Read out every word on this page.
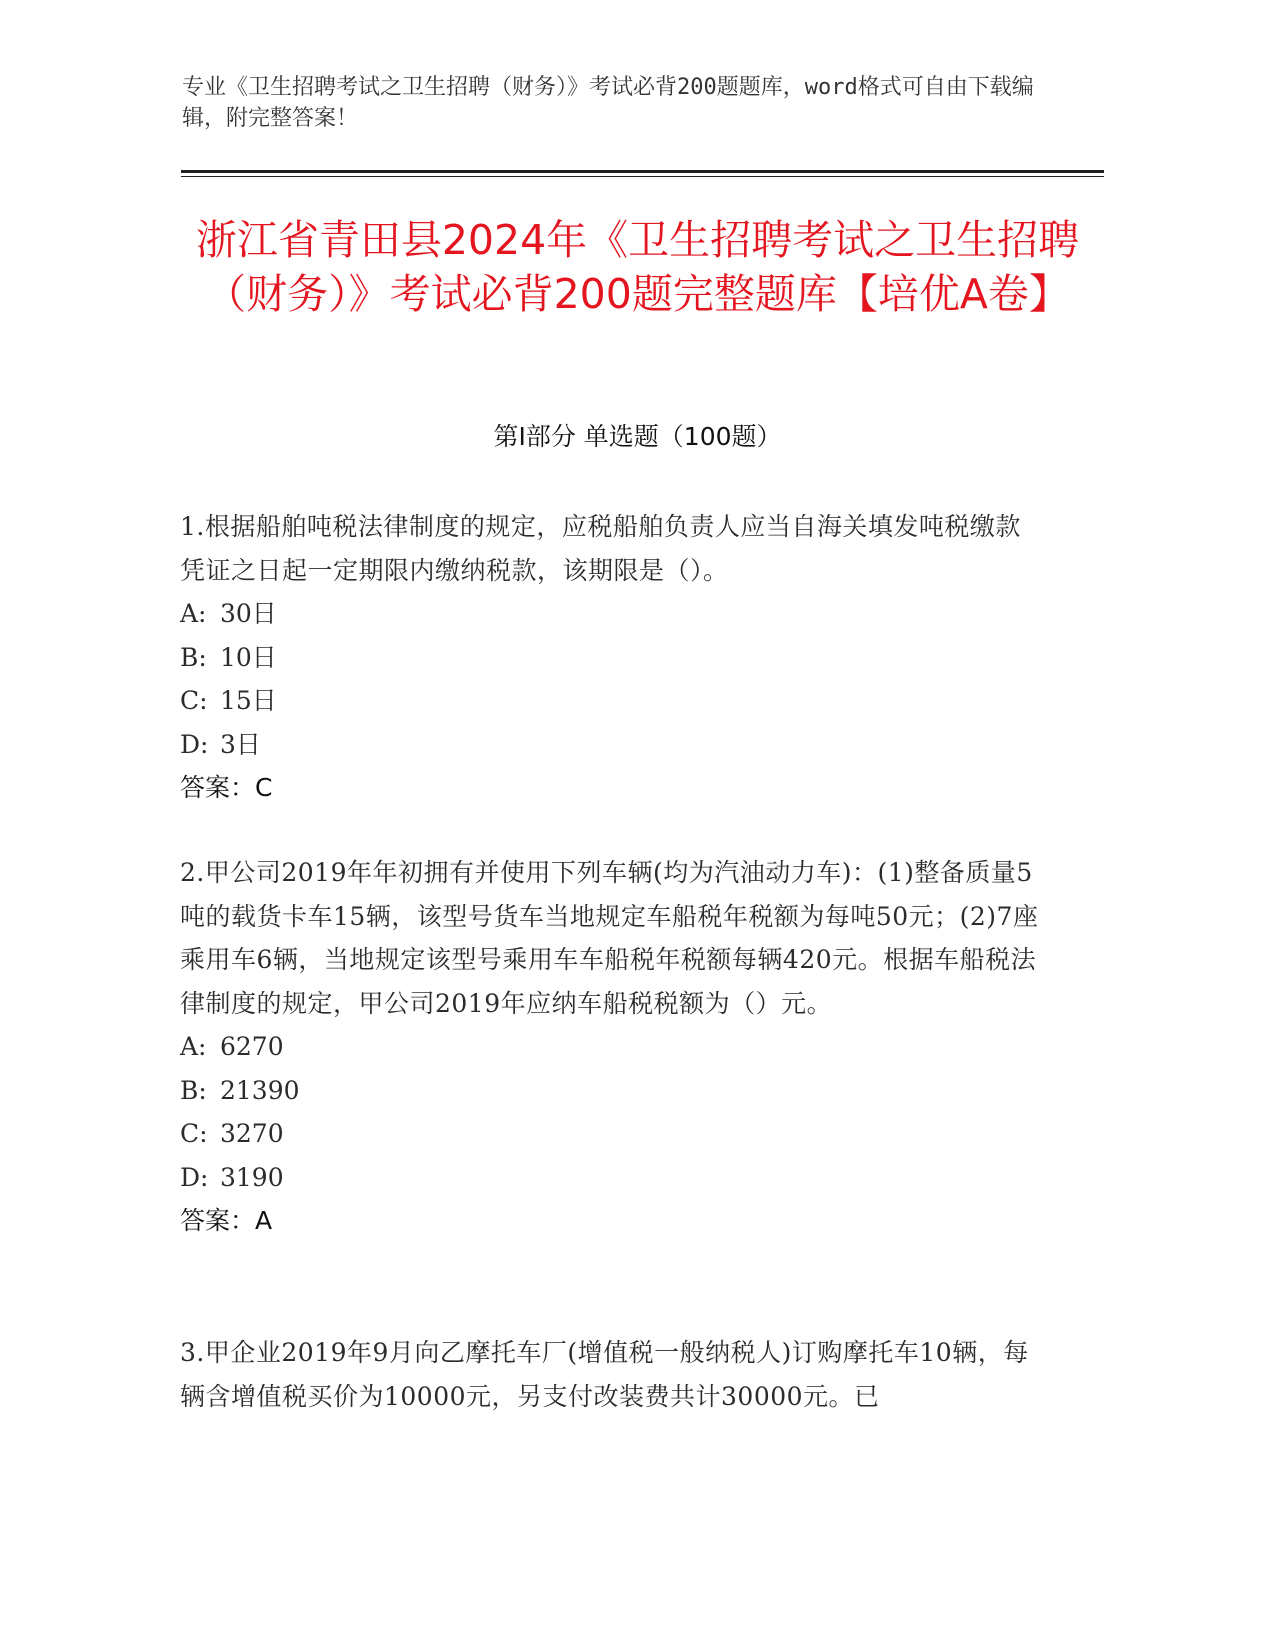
专业《卫生招聘考试之卫生招聘（财务）》考试必背200题题库，word格式可自由下载编辑，附完整答案！
浙江省青田县2024年《卫生招聘考试之卫生招聘（财务）》考试必背200题完整题库【培优A卷】
第I部分 单选题（100题）
1.根据船舶吨税法律制度的规定，应税船舶负责人应当自海关填发吨税缴款凭证之日起一定期限内缴纳税款，该期限是（）。
A: 30日
B: 10日
C: 15日
D: 3日
答案：C
2.甲公司2019年年初拥有并使用下列车辆(均为汽油动力车)：(1)整备质量5吨的载货卡车15辆，该型号货车当地规定车船税年税额为每吨50元；(2)7座乘用车6辆，当地规定该型号乘用车车船税年税额每辆420元。根据车船税法律制度的规定，甲公司2019年应纳车船税税额为（）元。
A: 6270
B: 21390
C: 3270
D: 3190
答案：A
3.甲企业2019年9月向乙摩托车厂(增值税一般纳税人)订购摩托车10辆，每辆含增值税买价为10000元，另支付改装费共计30000元。已
